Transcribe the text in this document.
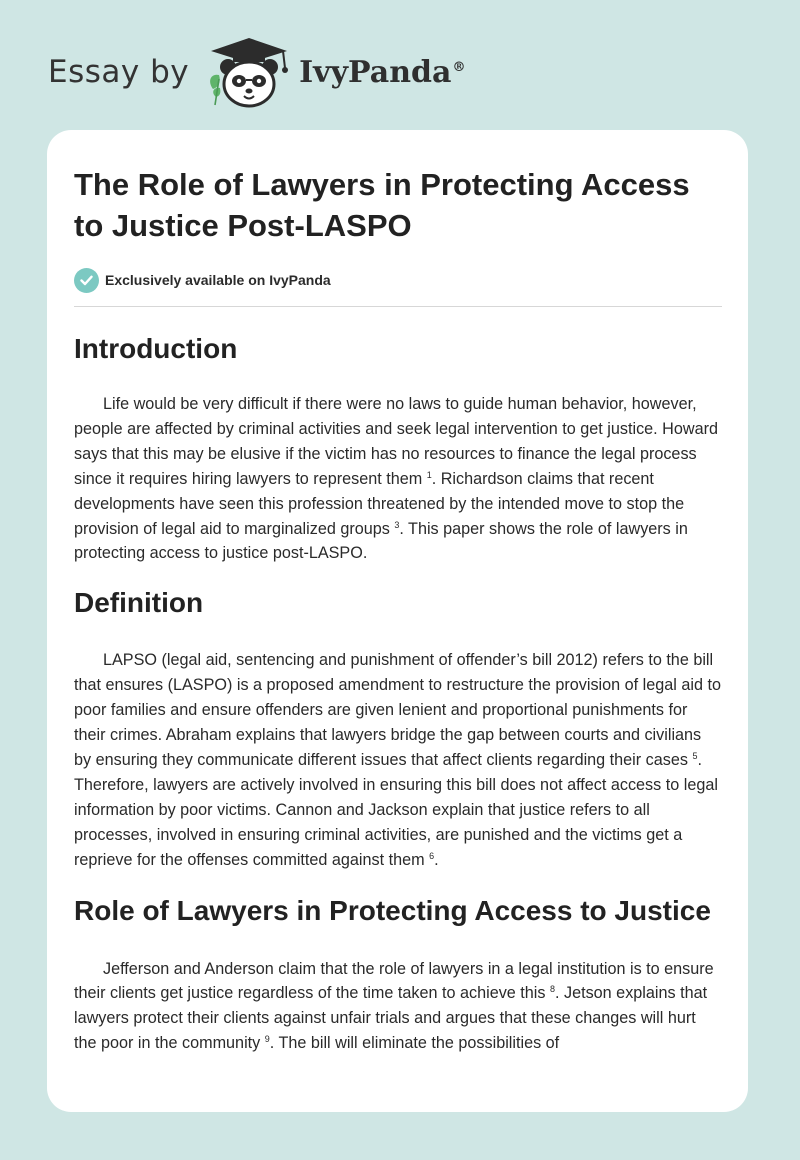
Essay by	IvyPanda®
The Role of Lawyers in Protecting Access to Justice Post-LASPO
Exclusively available on IvyPanda
Introduction

Life would be very difficult if there were no laws to guide human behavior, however, people are affected by criminal activities and seek legal intervention to get justice. Howard says that this may be elusive if the victim has no resources to finance the legal process since it requires hiring lawyers to represent them $^1$. Richardson claims that recent developments have seen this profession threatened by the intended move to stop the provision of legal aid to marginalized groups $^3$. This paper shows the role of lawyers in protecting access to justice post-LASPO.

Definition

LAPSO (legal aid, sentencing and punishment of offender’s bill 2012) refers to the bill that ensures (LASPO) is a proposed amendment to restructure the provision of legal aid to poor families and ensure offenders are given lenient and proportional punishments for their crimes. Abraham explains that lawyers bridge the gap between courts and civilians by ensuring they communicate different issues that affect clients regarding their cases $^5$. Therefore, lawyers are actively involved in ensuring this bill does not affect access to legal information by poor victims. Cannon and Jackson explain that justice refers to all processes, involved in ensuring criminal activities, are punished and the victims get a reprieve for the offenses committed against them $^6$.

Role of Lawyers in Protecting Access to Justice

Jefferson and Anderson claim that the role of lawyers in a legal institution is to ensure their clients get justice regardless of the time taken to achieve this $^8$. Jetson explains that lawyers protect their clients against unfair trials and argues that these changes will hurt the poor in the community $^9$. The bill will eliminate the possibilities of
